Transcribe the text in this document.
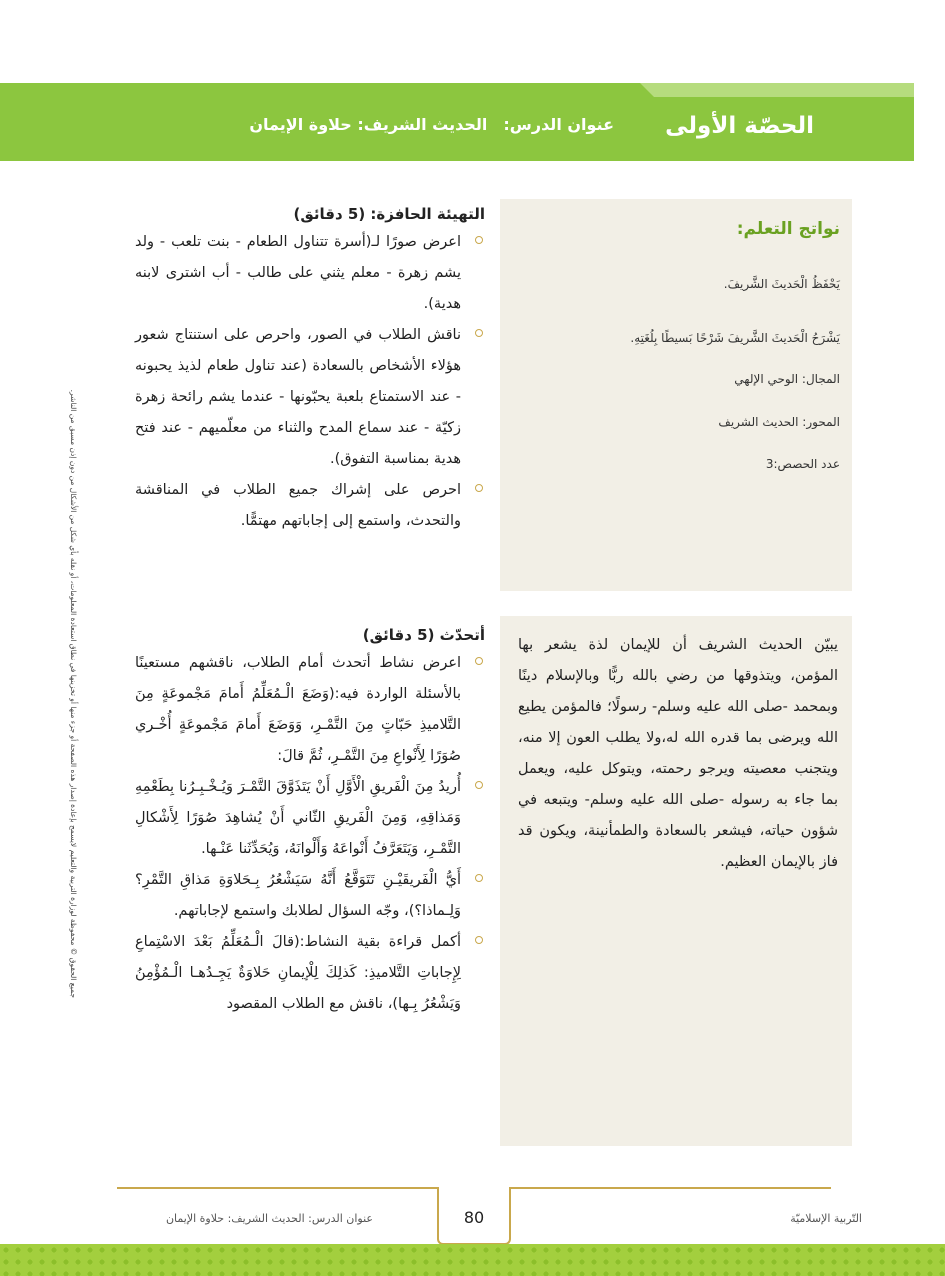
الحصّة الأولى
عنوان الدرس:الحديث الشريف: حلاوة الإيمان
نواتج التعلم:
يَحْفَظُ الْحَديثَ الشَّريفَ.
يَشْرَحُ الْحَديثَ الشَّريفَ شَرْحًا بَسيطًا بِلُغَتِهِ.
المجال: الوحي الإلهي
المحور: الحديث الشريف
عدد الحصص:3
يبيّن الحديث الشريف أن للإيمان لذة يشعر بها المؤمن، ويتذوقها من رضي بالله ربًّا وبالإسلام دينًا وبمحمد -صلى الله عليه وسلم- رسولًا؛ فالمؤمن يطيع الله ويرضى بما قدره الله له،ولا يطلب العون إلا منه، ويتجنب معصيته ويرجو رحمته، ويتوكل عليه، ويعمل بما جاء به رسوله -صلى الله عليه وسلم- ويتبعه في شؤون حياته، فيشعر بالسعادة والطمأنينة، ويكون قد فاز بالإيمان العظيم.
التهيئة الحافزة: (5 دقائق)
اعرض صورًا لـ(أسرة تتناول الطعام - بنت تلعب - ولد يشم زهرة - معلم يثني على طالب - أب اشترى لابنه هدية).
ناقش الطلاب في الصور، واحرص على استنتاج شعور هؤلاء الأشخاص بالسعادة (عند تناول طعام لذيذ يحبونه - عند الاستمتاع بلعبة يحبّونها - عندما يشم رائحة زهرة زكيّة - عند سماع المدح والثناء من معلّميهم - عند فتح هدية بمناسبة التفوق).
احرص على إشراك جميع الطلاب في المناقشة والتحدث، واستمع إلى إجاباتهم مهتمًّا.
أتحدّث (5 دقائق)
اعرض نشاط أتحدث أمام الطلاب، ناقشهم مستعينًا بالأسئلة الواردة فيه:(وَضَعَ الْـمُعَلِّمُ أَمامَ مَجْموعَةٍ مِنَ التَّلاميذِ حَبّاتٍ مِنَ التَّمْـرِ، وَوَضَعَ أَمامَ مَجْموعَةٍ أُخْـري صُوَرًا لِأَنْواعِ مِنَ التَّمْـرِ، ثُمَّ قالَ:
أُريدُ مِنَ الْفَريقِ الْأَوَّلِ أَنْ يَتَذَوَّقَ التَّمْـرَ وَيُـخْـبِـرُنا بِطَعْمِهِ وَمَذاقِهِ، وَمِنَ الْفَريقِ الثّاني أَنْ يُشاهِدَ صُوَرًا لِأَشْكالِ التَّمْـرِ، وَيَتَعَرَّفُ أَنْواعَهُ وَأَلْوانَهُ، وَيُحَدِّثَنا عَنْـها.
أَيُّ الْفَريقَيْـنِ تَتَوَقَّعُ أَنَّهُ سَيَشْعُرُ بِـحَلاوَةِ مَذاقِ التَّمْرِ؟ وَلِـماذا؟)، وجّه السؤال لطلابك واستمع لإجاباتهم.
أكمل قراءة بقية النشاط:(قالَ الْـمُعَلِّمُ بَعْدَ الاسْتِماعِ لِإِجاباتِ التَّلاميذِ: كَذلِكَ لِلْإيمانِ حَلاوَةٌ يَجِـدُهـا الْـمُؤْمِنُ وَيَشْعُرُ بِـها)، ناقش مع الطلاب المقصود
جميع الحقوق © محفوظة لوزارة التربية والتعليم لايسمح بإعادة إصدار هذه الصفحة أو جزء منها أو تخزينها في نطاق استعادة المعلومات، أو نقله بأي شكل من الأشكال من دون إذن مسبق من الناشر.
80	التّربية الإسلاميّة
عنوان الدرس: الحديث الشريف: حلاوة الإيمان
